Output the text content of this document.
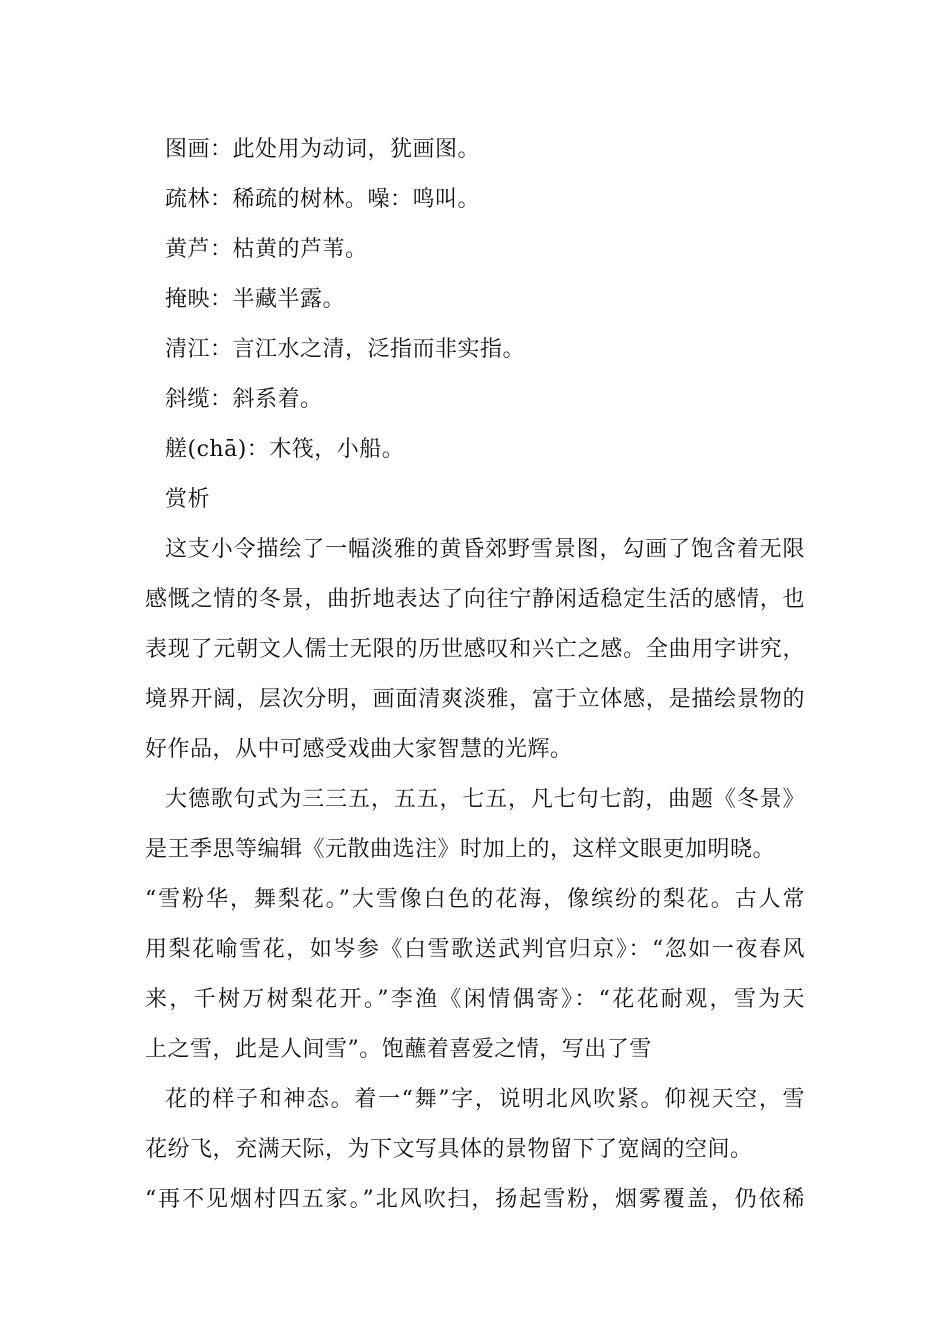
图画：此处用为动词，犹画图。
疏林：稀疏的树林。噪：鸣叫。
黄芦：枯黄的芦苇。
掩映：半藏半露。
清江：言江水之清，泛指而非实指。
斜缆：斜系着。
艖(chā)：木筏，小船。
赏析
这支小令描绘了一幅淡雅的黄昏郊野雪景图，勾画了饱含着无限
感慨之情的冬景，曲折地表达了向往宁静闲适稳定生活的感情，也
表现了元朝文人儒士无限的历世感叹和兴亡之感。全曲用字讲究，
境界开阔，层次分明，画面清爽淡雅，富于立体感，是描绘景物的
好作品，从中可感受戏曲大家智慧的光辉。
大德歌句式为三三五，五五，七五，凡七句七韵，曲题《冬景》
是王季思等编辑《元散曲选注》时加上的，这样文眼更加明晓。
“雪粉华，舞梨花。”大雪像白色的花海，像缤纷的梨花。古人常
用梨花喻雪花，如岑参《白雪歌送武判官归京》：“忽如一夜春风
来，千树万树梨花开。”李渔《闲情偶寄》：“花花耐观，雪为天
上之雪，此是人间雪”。饱蘸着喜爱之情，写出了雪
花的样子和神态。着一“舞”字，说明北风吹紧。仰视天空，雪
花纷飞，充满天际，为下文写具体的景物留下了宽阔的空间。
“再不见烟村四五家。”北风吹扫，扬起雪粉，烟雾覆盖，仍依稀
